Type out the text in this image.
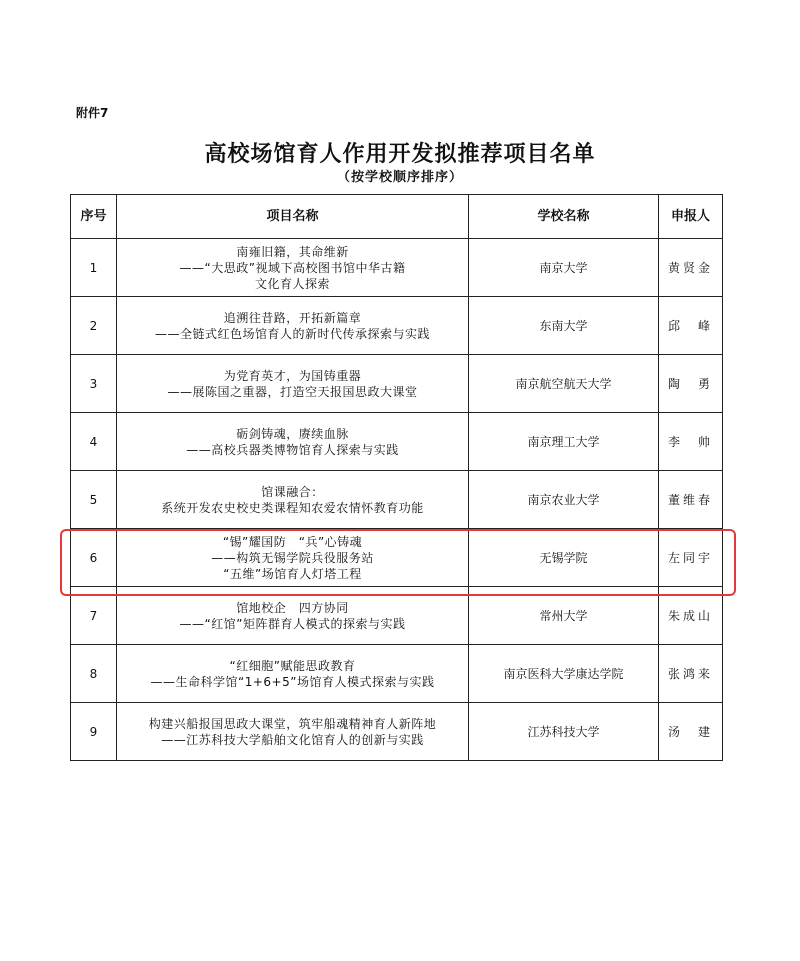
附件7
高校场馆育人作用开发拟推荐项目名单
（按学校顺序排序）
序号	项目名称	学校名称	申报人
1	南雍旧籍，其命维新
——“大思政”视域下高校图书馆中华古籍
文化育人探索	南京大学	黄贤金
2	追溯往昔路，开拓新篇章
——全链式红色场馆育人的新时代传承探索与实践	东南大学	邱　峰
3	为党育英才，为国铸重器
——展陈国之重器，打造空天报国思政大课堂	南京航空航天大学	陶　勇
4	砺剑铸魂，赓续血脉
——高校兵器类博物馆育人探索与实践	南京理工大学	李　帅
5	馆课融合：
系统开发农史校史类课程知农爱农情怀教育功能	南京农业大学	董维春
6	“锡”耀国防　“兵”心铸魂
——构筑无锡学院兵役服务站
“五维”场馆育人灯塔工程	无锡学院	左同宇
7	馆地校企　四方协同
——“红馆”矩阵群育人模式的探索与实践	常州大学	朱成山
8	“红细胞”赋能思政教育
——生命科学馆“1+6+5”场馆育人模式探索与实践	南京医科大学康达学院	张鸿来
9	构建兴船报国思政大课堂，筑牢船魂精神育人新阵地
——江苏科技大学船舶文化馆育人的创新与实践	江苏科技大学	汤　建
